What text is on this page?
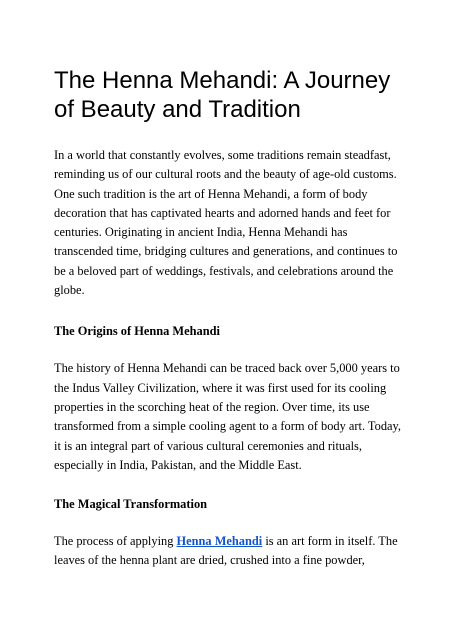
The Henna Mehandi: A Journey of Beauty and Tradition

In a world that constantly evolves, some traditions remain steadfast, reminding us of our cultural roots and the beauty of age-old customs. One such tradition is the art of Henna Mehandi, a form of body decoration that has captivated hearts and adorned hands and feet for centuries. Originating in ancient India, Henna Mehandi has transcended time, bridging cultures and generations, and continues to be a beloved part of weddings, festivals, and celebrations around the globe.

The Origins of Henna Mehandi

The history of Henna Mehandi can be traced back over 5,000 years to the Indus Valley Civilization, where it was first used for its cooling properties in the scorching heat of the region. Over time, its use transformed from a simple cooling agent to a form of body art. Today, it is an integral part of various cultural ceremonies and rituals, especially in India, Pakistan, and the Middle East.

The Magical Transformation

The process of applying Henna Mehandi is an art form in itself. The leaves of the henna plant are dried, crushed into a fine powder,
